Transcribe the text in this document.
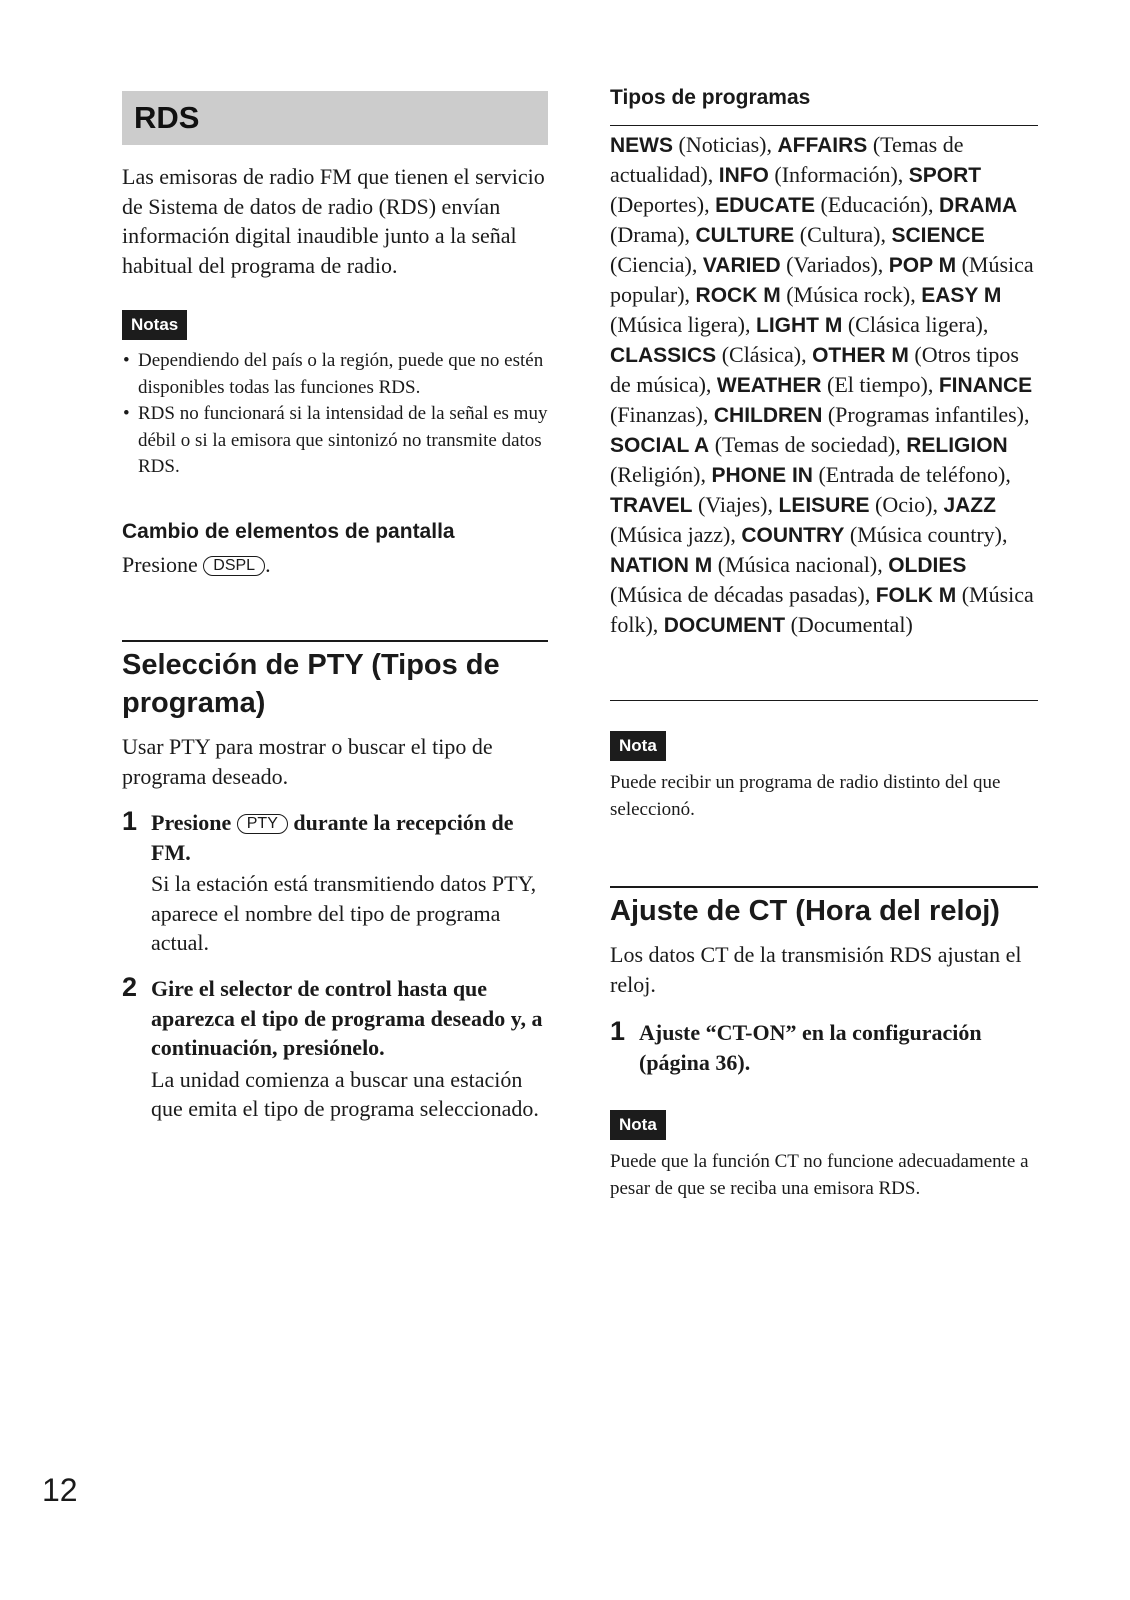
RDS

Las emisoras de radio FM que tienen el servicio de Sistema de datos de radio (RDS) envían información digital inaudible junto a la señal habitual del programa de radio.

Notas
• Dependiendo del país o la región, puede que no estén disponibles todas las funciones RDS.
• RDS no funcionará si la intensidad de la señal es muy débil o si la emisora que sintonizó no transmite datos RDS.
Cambio de elementos de pantalla

Presione DSPL .

Selección de PTY (Tipos de programa)

Usar PTY para mostrar o buscar el tipo de programa deseado.

1 Presione PTY durante la recepción de FM.
Si la estación está transmitiendo datos PTY, aparece el nombre del tipo de programa actual.
2 Gire el selector de control hasta que aparezca el tipo de programa deseado y, a continuación, presiónelo.
La unidad comienza a buscar una estación que emita el tipo de programa seleccionado.
Tipos de programas

NEWS (Noticias), AFFAIRS (Temas de actualidad), INFO (Información), SPORT (Deportes), EDUCATE (Educación), DRAMA (Drama), CULTURE (Cultura), SCIENCE (Ciencia), VARIED (Variados), POP M (Música popular), ROCK M (Música rock), EASY M (Música ligera), LIGHT M (Clásica ligera), CLASSICS (Clásica), OTHER M (Otros tipos de música), WEATHER (El tiempo), FINANCE (Finanzas), CHILDREN (Programas infantiles), SOCIAL A (Temas de sociedad), RELIGION (Religión), PHONE IN (Entrada de teléfono), TRAVEL (Viajes), LEISURE (Ocio), JAZZ (Música jazz), COUNTRY (Música country), NATION M (Música nacional), OLDIES (Música de décadas pasadas), FOLK M (Música folk), DOCUMENT (Documental)

Nota

Puede recibir un programa de radio distinto del que seleccionó.

Ajuste de CT (Hora del reloj)

Los datos CT de la transmisión RDS ajustan el reloj.

1 Ajuste “CT-ON” en la configuración (página 36).
Nota

Puede que la función CT no funcione adecuadamente a pesar de que se reciba una emisora RDS.

12
